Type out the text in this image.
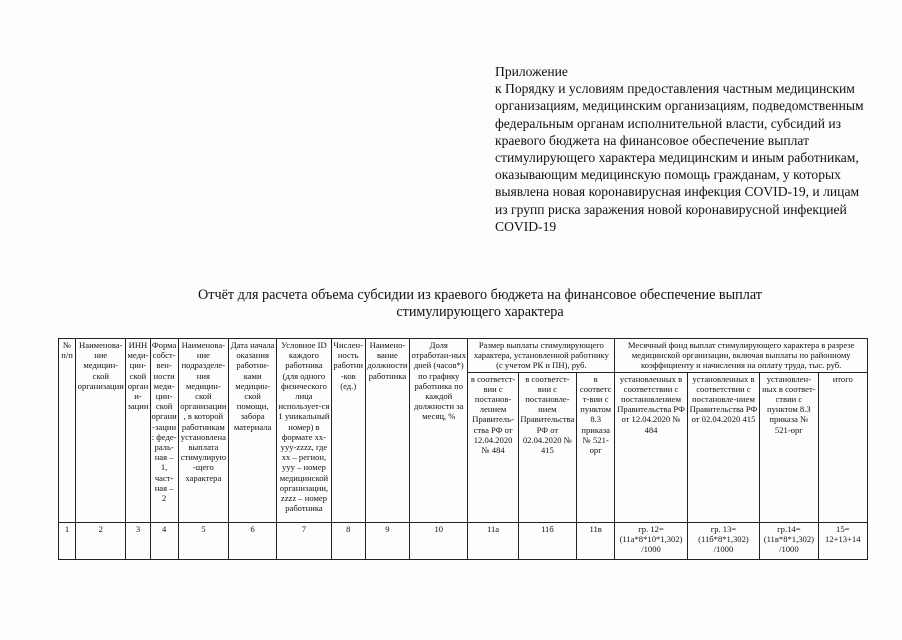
Приложение
к Порядку и условиям предоставления частным медицинским организациям, медицинским организациям, подведомственным федеральным органам исполнительной власти, субсидий из краевого бюджета на финансовое обеспечение выплат стимулирующего характера медицинским и иным работникам, оказывающим медицинскую помощь гражданам, у которых выявлена новая коронавирусная инфекция COVID-19, и лицам из групп риска заражения новой коронавирусной инфекцией COVID-19
Отчёт для расчета объема субсидии из краевого бюджета на финансовое обеспечение выплат стимулирующего характера
№ п/п	Наименова-ние медицин-ской организации	ИНН меди-цин-ской органи-зации	Форма собст-вен-ности меди-цин-ской органи-зации: феде-раль-ная – 1, част-ная – 2	Наименова-ние подразделе-ния медицин-ской организации, в которой работникам установлена выплата стимулирую-щего характера	Дата начала оказания работни-ками медицин-ской помощи, забора материала	Условное ID каждого работника (для одного физического лица использует-ся 1 уникальный номер) в формате хх-ууу-zzzz, где хх – регион, ууу – номер медицинской организации, zzzz – номер работника	Числен-ность работни-ков (ед.)	Наимено-вание должности работника	Доля отработан-ных дней (часов*) по графику работника по каждой должности за месяц, %	Размер выплаты стимулирующего характера, установленной работнику (с учетом РК и ПН), руб.			Месячный фонд выплат стимулирующего характера в разрезе медицинской организации, включая выплаты по районному коэффициенту и начисления на оплату труда, тыс. руб.			
										в соответст-вии с постанов-лением Правитель-ства РФ от 12.04.2020 № 484	в соответст-вии с постановле-нием Правительства РФ от 02.04.2020 № 415	в соответст-вии с пунктом 8.3 приказа № 521-орг	установленных в соответствии с постановлением Правительства РФ от 12.04.2020 № 484	установленных в соответствии с постановле-нием Правительства РФ от 02.04.2020 415	установлен-ных в соответ-ствии с пунктом 8.3 приказа № 521-орг	итого
1	2	3	4	5	6	7	8	9	10	11а	11б	11в	гр. 12= (11а*8*10*1,302) /1000	гр. 13= (11б*8*1,302) /1000	гр.14= (11в*8*1,302) /1000	15= 12+13+14
